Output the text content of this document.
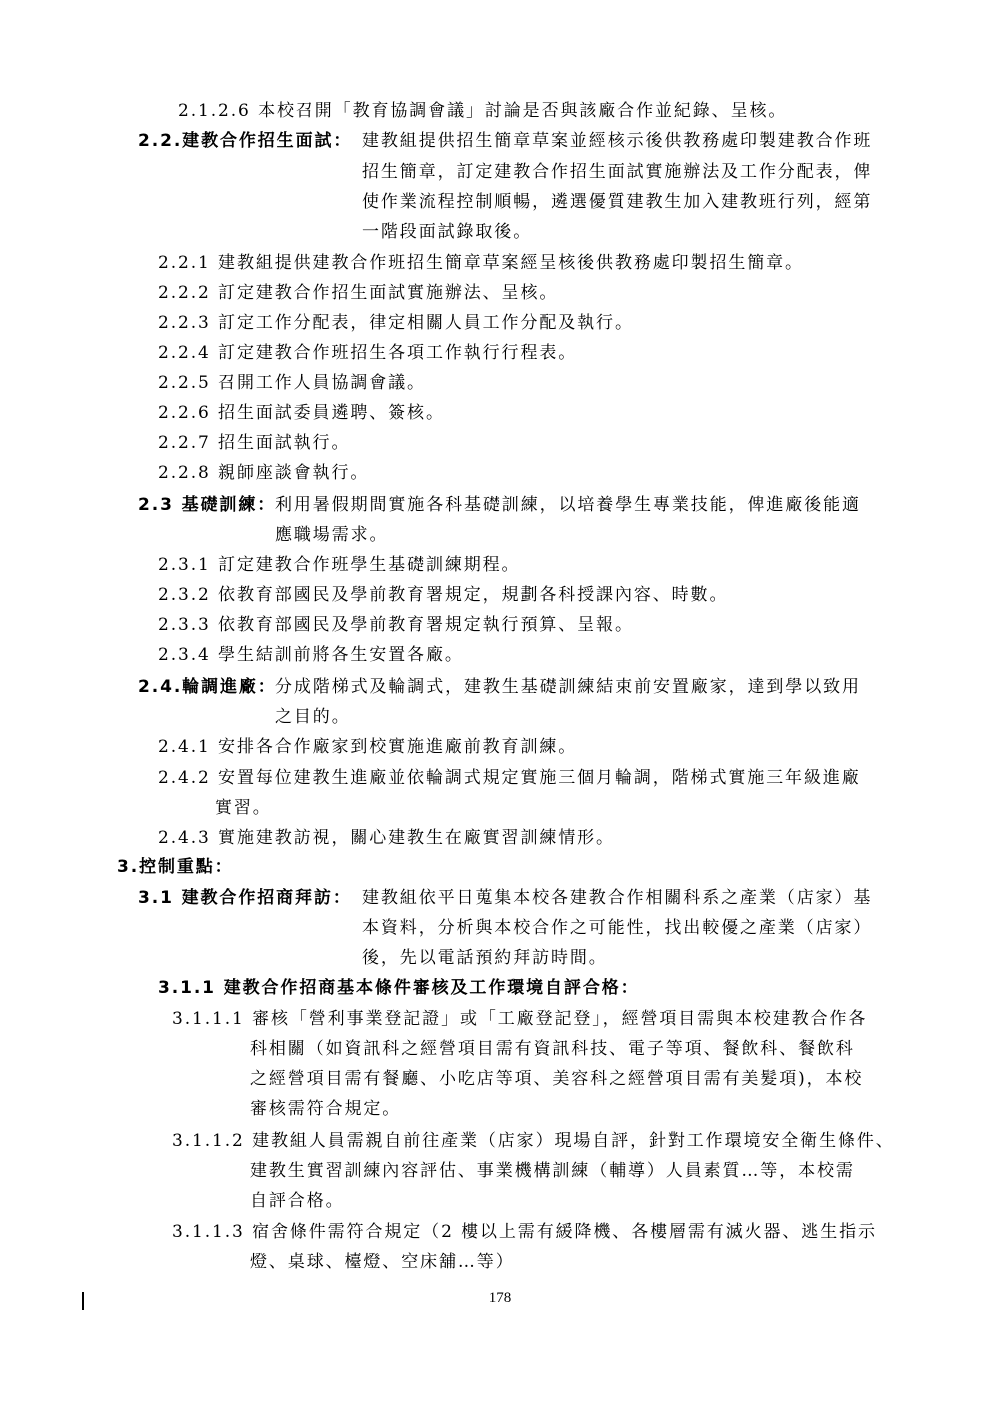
2.1.2.6 本校召開「教育協調會議」討論是否與該廠合作並紀錄、呈核。
2.2.建教合作招生面試： 建教組提供招生簡章草案並經核示後供教務處印製建教合作班
招生簡章，訂定建教合作招生面試實施辦法及工作分配表，俾
使作業流程控制順暢，遴選優質建教生加入建教班行列，經第
一階段面試錄取後。
2.2.1 建教組提供建教合作班招生簡章草案經呈核後供教務處印製招生簡章。
2.2.2 訂定建教合作招生面試實施辦法、呈核。
2.2.3 訂定工作分配表，律定相關人員工作分配及執行。
2.2.4 訂定建教合作班招生各項工作執行行程表。
2.2.5 召開工作人員協調會議。
2.2.6 招生面試委員遴聘、簽核。
2.2.7 招生面試執行。
2.2.8 親師座談會執行。
2.3 基礎訓練：
利用暑假期間實施各科基礎訓練，以培養學生專業技能，俾進廠後能適
應職場需求。
2.3.1 訂定建教合作班學生基礎訓練期程。
2.3.2 依教育部國民及學前教育署規定，規劃各科授課內容、時數。
2.3.3 依教育部國民及學前教育署規定執行預算、呈報。
2.3.4 學生結訓前將各生安置各廠。
2.4.輪調進廠：
分成階梯式及輪調式，建教生基礎訓練結束前安置廠家，達到學以致用
之目的。
2.4.1 安排各合作廠家到校實施進廠前教育訓練。
2.4.2 安置每位建教生進廠並依輪調式規定實施三個月輪調，階梯式實施三年級進廠
實習。
2.4.3 實施建教訪視，關心建教生在廠實習訓練情形。
3.控制重點：
3.1 建教合作招商拜訪： 建教組依平日蒐集本校各建教合作相關科系之產業（店家）基
本資料，分析與本校合作之可能性，找出較優之產業（店家）
後，先以電話預約拜訪時間。
3.1.1 建教合作招商基本條件審核及工作環境自評合格：
3.1.1.1 審核「營利事業登記證」或「工廠登記登」，經營項目需與本校建教合作各
科相關（如資訊科之經營項目需有資訊科技、電子等項、餐飲科、餐飲科
之經營項目需有餐廳、小吃店等項、美容科之經營項目需有美髮項)，本校
審核需符合規定。
3.1.1.2 建教組人員需親自前往產業（店家）現場自評，針對工作環境安全衛生條件、
建教生實習訓練內容評估、事業機構訓練（輔導）人員素質…等，本校需
自評合格。
3.1.1.3 宿舍條件需符合規定（2 樓以上需有緩降機、各樓層需有滅火器、逃生指示
燈、桌球、檯燈、空床舖…等）
178
